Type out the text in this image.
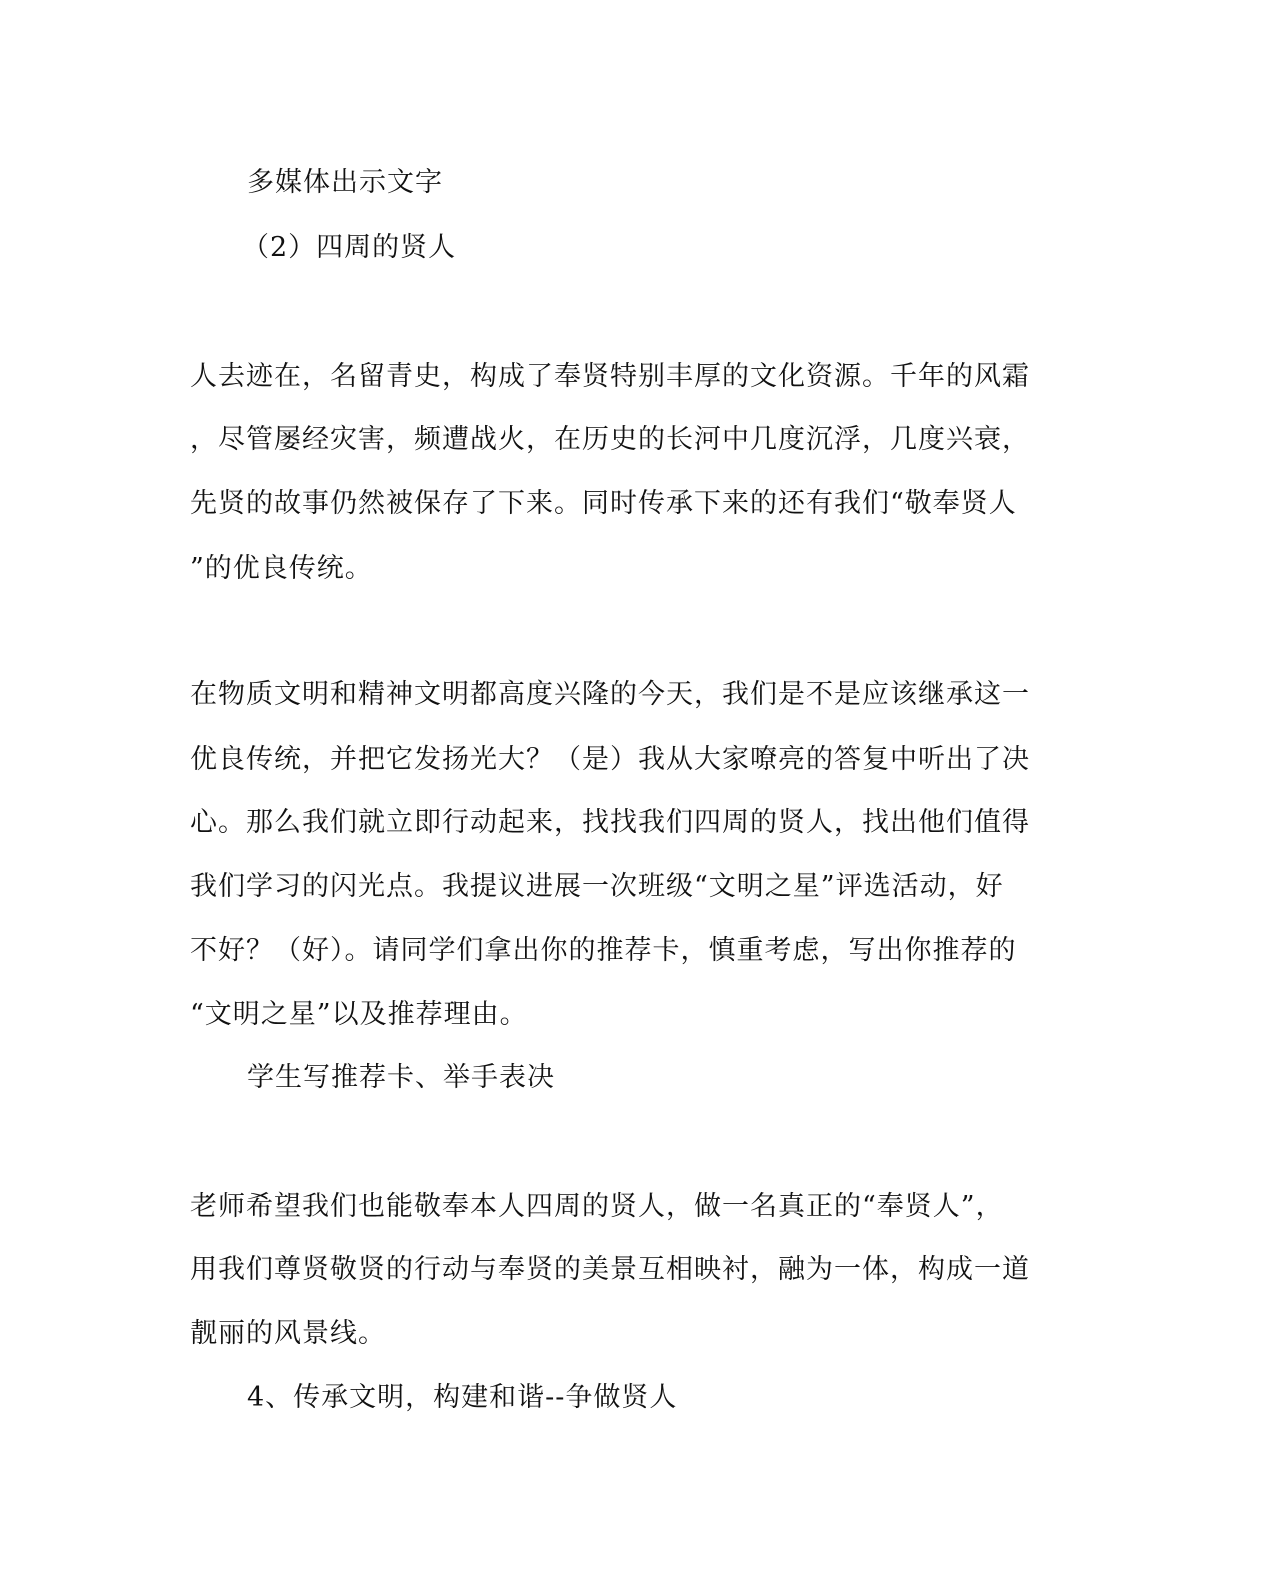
多媒体出示文字
（2）四周的贤人
人去迹在，名留青史，构成了奉贤特别丰厚的文化资源。千年的风霜
，尽管屡经灾害，频遭战火，在历史的长河中几度沉浮，几度兴衰，
先贤的故事仍然被保存了下来。同时传承下来的还有我们“敬奉贤人
”的优良传统。
在物质文明和精神文明都高度兴隆的今天，我们是不是应该继承这一
优良传统，并把它发扬光大？（是）我从大家嘹亮的答复中听出了决
心。那么我们就立即行动起来，找找我们四周的贤人，找出他们值得
我们学习的闪光点。我提议进展一次班级“文明之星”评选活动，好
不好？（好）。请同学们拿出你的推荐卡，慎重考虑，写出你推荐的
“文明之星”以及推荐理由。
学生写推荐卡、举手表决
老师希望我们也能敬奉本人四周的贤人，做一名真正的“奉贤人”，
用我们尊贤敬贤的行动与奉贤的美景互相映衬，融为一体，构成一道
靓丽的风景线。
4、传承文明，构建和谐--争做贤人
